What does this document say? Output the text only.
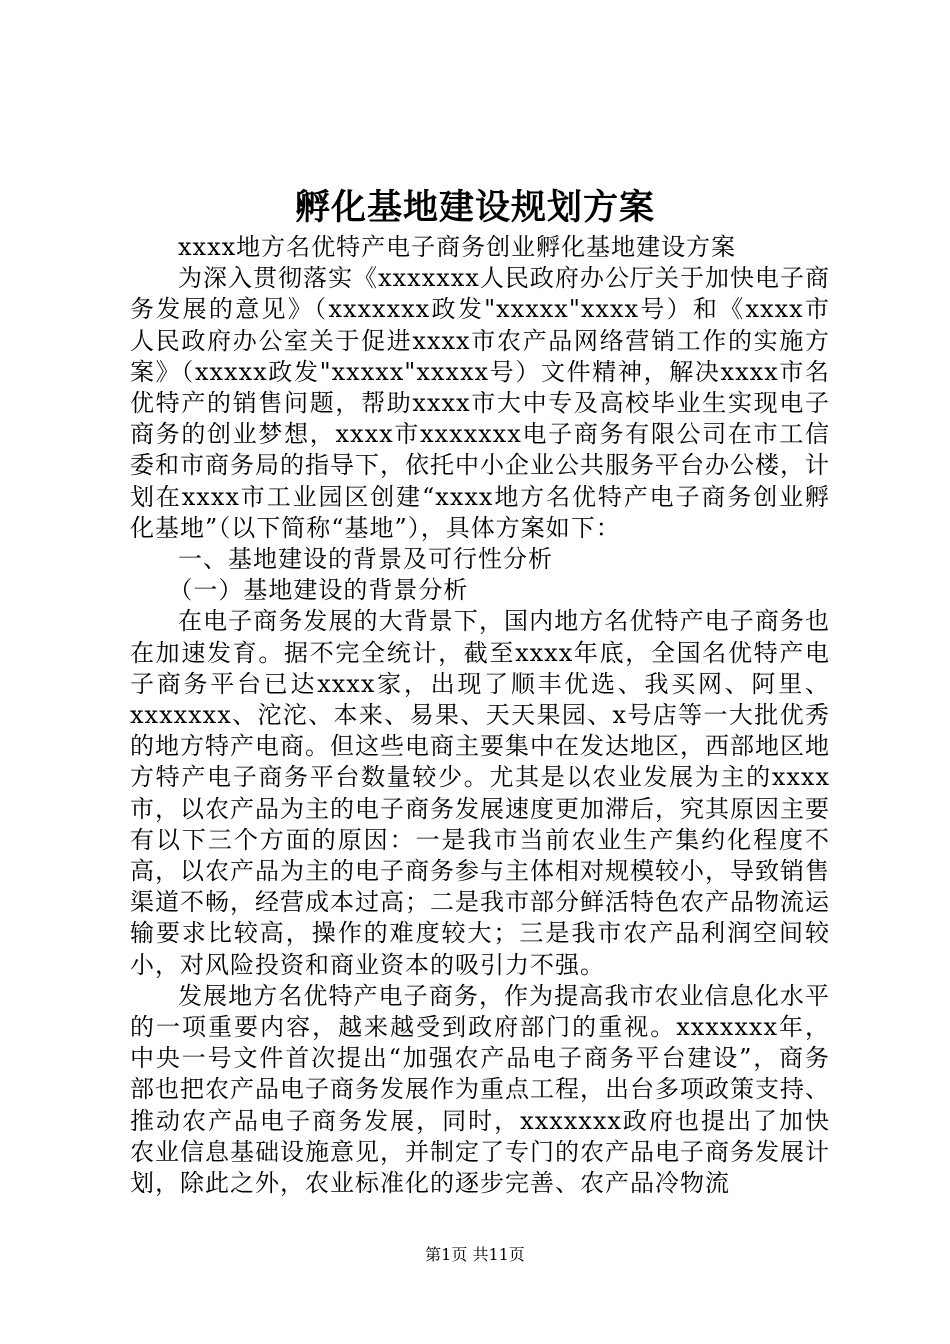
孵化基地建设规划方案

xxxx地方名优特产电子商务创业孵化基地建设方案

为深入贯彻落实《xxxxxxx人民政府办公厅关于加快电子商务发展的意见》（xxxxxxx政发"xxxxx"xxxx号）和《xxxx市人民政府办公室关于促进xxxx市农产品网络营销工作的实施方案》（xxxxx政发"xxxxx"xxxxx号）文件精神，解决xxxx市名优特产的销售问题，帮助xxxx市大中专及高校毕业生实现电子商务的创业梦想，xxxx市xxxxxxx电子商务有限公司在市工信委和市商务局的指导下，依托中小企业公共服务平台办公楼，计划在xxxx市工业园区创建“xxxx地方名优特产电子商务创业孵化基地”（以下简称“基地”），具体方案如下：

一、基地建设的背景及可行性分析

（一）基地建设的背景分析

在电子商务发展的大背景下，国内地方名优特产电子商务也在加速发育。据不完全统计，截至xxxx年底，全国名优特产电子商务平台已达xxxx家，出现了顺丰优选、我买网、阿里、xxxxxxx、沱沱、本来、易果、天天果园、x号店等一大批优秀的地方特产电商。但这些电商主要集中在发达地区，西部地区地方特产电子商务平台数量较少。尤其是以农业发展为主的xxxx市，以农产品为主的电子商务发展速度更加滞后，究其原因主要有以下三个方面的原因：一是我市当前农业生产集约化程度不高，以农产品为主的电子商务参与主体相对规模较小，导致销售渠道不畅，经营成本过高；二是我市部分鲜活特色农产品物流运输要求比较高，操作的难度较大；三是我市农产品利润空间较小，对风险投资和商业资本的吸引力不强。

发展地方名优特产电子商务，作为提高我市农业信息化水平的一项重要内容，越来越受到政府部门的重视。xxxxxxx年，中央一号文件首次提出“加强农产品电子商务平台建设”，商务部也把农产品电子商务发展作为重点工程，出台多项政策支持、推动农产品电子商务发展，同时，xxxxxxx政府也提出了加快农业信息基础设施意见，并制定了专门的农产品电子商务发展计划，除此之外，农业标准化的逐步完善、农产品冷物流

第1页 共11页
